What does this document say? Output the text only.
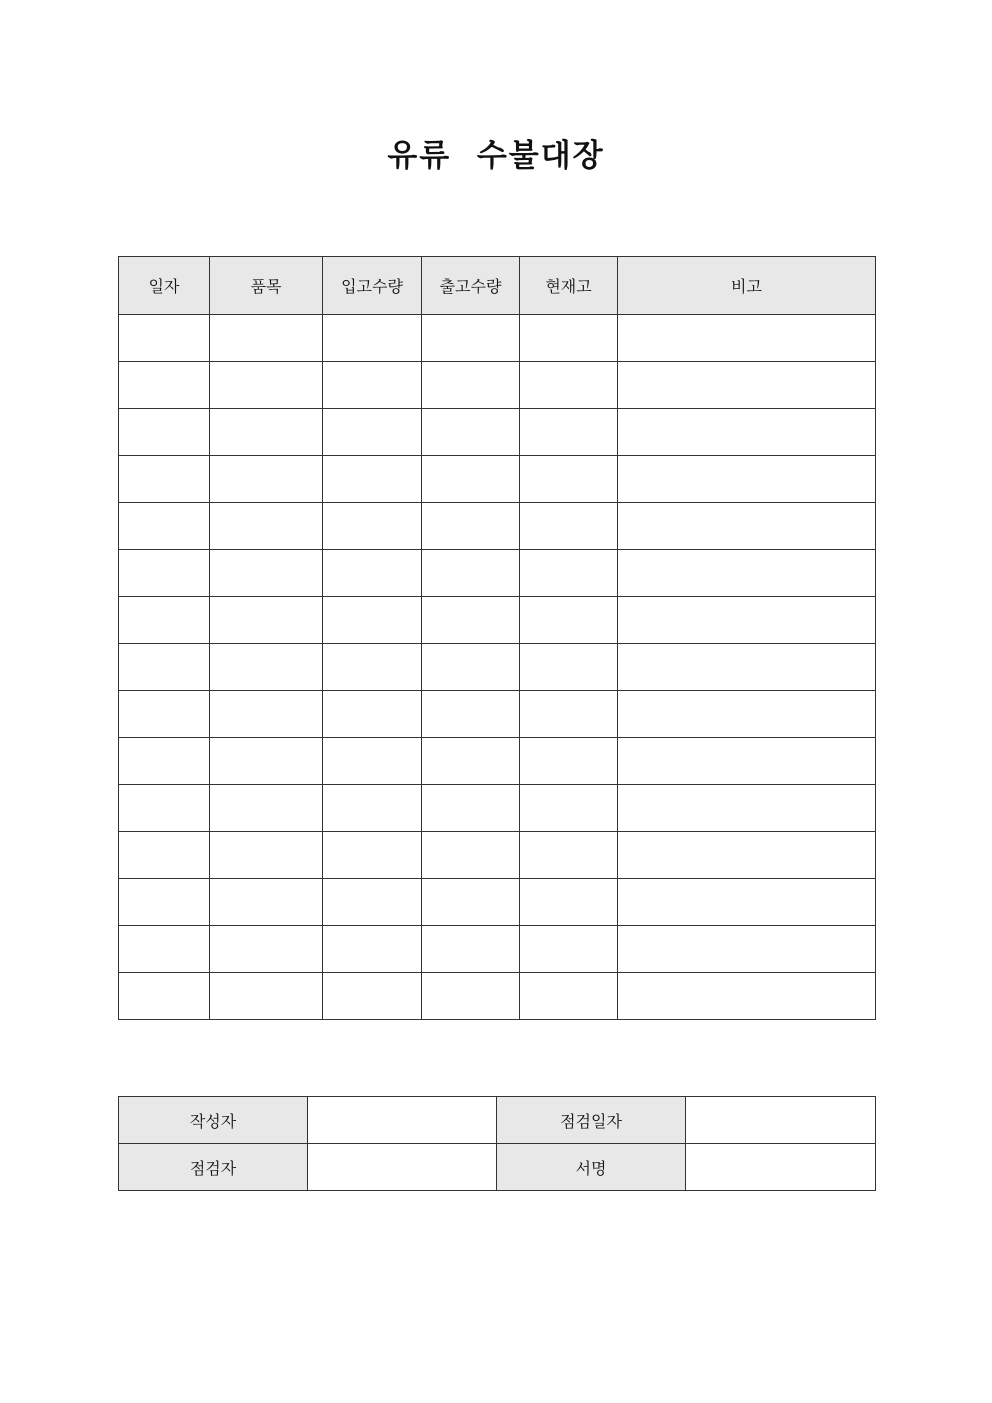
유류  수불대장
일자	품목	입고수량	출고수량	현재고	비고

작성자		점검일자	
점검자		서명	
